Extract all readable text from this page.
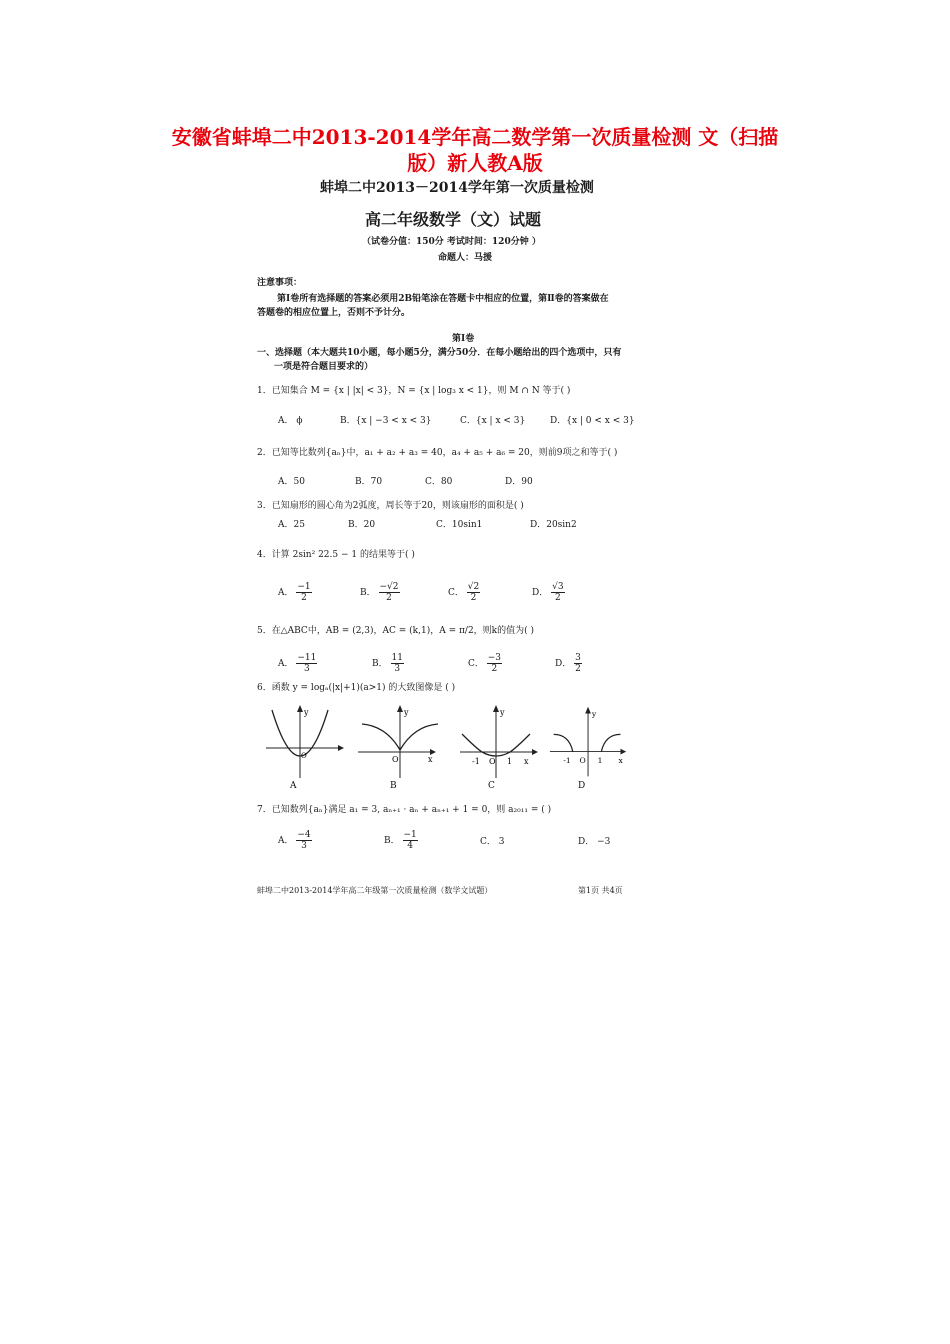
安徽省蚌埠二中2013-2014学年高二数学第一次质量检测 文（扫描
版）新人教A版
蚌埠二中2013－2014学年第一次质量检测
高二年级数学（文）试题
（试卷分值：150分 考试时间：120分钟 ）
命题人：马援
注意事项：
第Ⅰ卷所有选择题的答案必须用2B铅笔涂在答题卡中相应的位置，第Ⅱ卷的答案做在
答题卷的相应位置上，否则不予计分。
第Ⅰ卷
一、选择题（本大题共10小题，每小题5分，满分50分．在每小题给出的四个选项中，只有
一项是符合题目要求的）
1．已知集合 M = {x | |x| < 3}，N = {x | log₃ x < 1}，则 M ∩ N 等于( )
A． ϕ	B．{x | −3 < x < 3}	C．{x | x < 3}	D．{x | 0 < x < 3}
2．已知等比数列{aₙ}中，a₁ + a₂ + a₃ = 40，a₄ + a₅ + a₆ = 20，则前9项之和等于( )
A．50	B．70	C．80	D．90
3．已知扇形的圆心角为2弧度，周长等于20，则该扇形的面积是( )
A．25	B．20	C．10sin1	D．20sin2
4．计算 2sin² 22.5 − 1 的结果等于( )
A． $\frac{-1}{2}$	B． $\frac{-√2}{2}$	C． $\frac{√2}{2}$	D． $\frac{√3}{2}$
5．在△ABC中，AB = (2,3)，AC = (k,1)，A = π/2，则k的值为( )
A． $\frac{-11}{3}$	B． $\frac{11}{3}$	C． $\frac{-3}{2}$	D． $\frac{3}{2}$
6．函数 y = logₐ(|x|+1)(a>1) 的大致图像是 ( )
y
O
A
y
O	x
B
y
-1 O 1 x
C
y
-1 O 1 x
D
7．已知数列{aₙ}满足 a₁ = 3, aₙ₊₁ · aₙ + aₙ₊₁ + 1 = 0，则 a₂₀₁₁ = ( )
A． $\frac{-4}{3}$	B． $\frac{-1}{4}$	C． 3	D． −3
蚌埠二中2013-2014学年高二年级第一次质量检测（数学文试题）	第1页 共4页
